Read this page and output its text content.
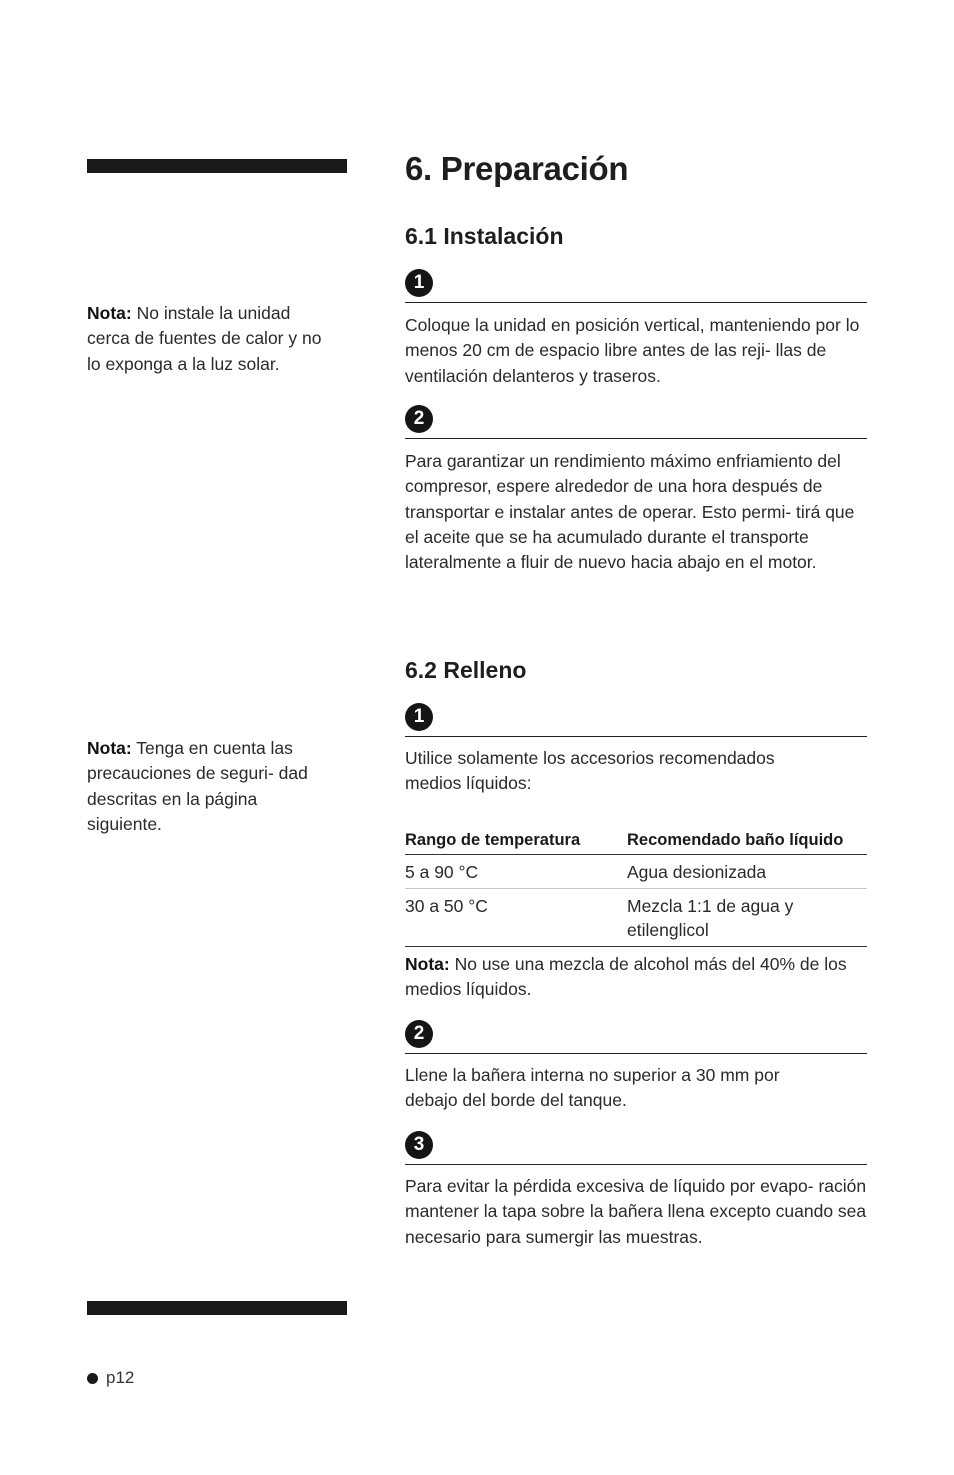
Nota: No instale la unidad cerca de fuentes de calor y no lo exponga a la luz solar.
Nota: Tenga en cuenta las precauciones de seguri- dad descritas en la página siguiente.
p12
6. Preparación
6.1 Instalación
1
Coloque la unidad en posición vertical, manteniendo por lo menos 20 cm de espacio libre antes de las reji- llas de ventilación delanteros y traseros.
2
Para garantizar un rendimiento máximo enfriamiento del compresor, espere alrededor de una hora después de transportar e instalar antes de operar. Esto permi- tirá que el aceite que se ha acumulado durante el transporte lateralmente a fluir de nuevo hacia abajo en el motor.
6.2 Relleno
1
Utilice solamente los accesorios recomendados medios líquidos:
Rango de temperatura	Recomendado baño líquido
5 a 90 °C	Agua desionizada
30 a 50 °C	Mezcla 1:1 de agua y etilenglicol
Nota: No use una mezcla de alcohol más del 40% de los medios líquidos.
2
Llene la bañera interna no superior a 30 mm por debajo del borde del tanque.
3
Para evitar la pérdida excesiva de líquido por evapo- ración mantener la tapa sobre la bañera llena excepto cuando sea necesario para sumergir las muestras.
